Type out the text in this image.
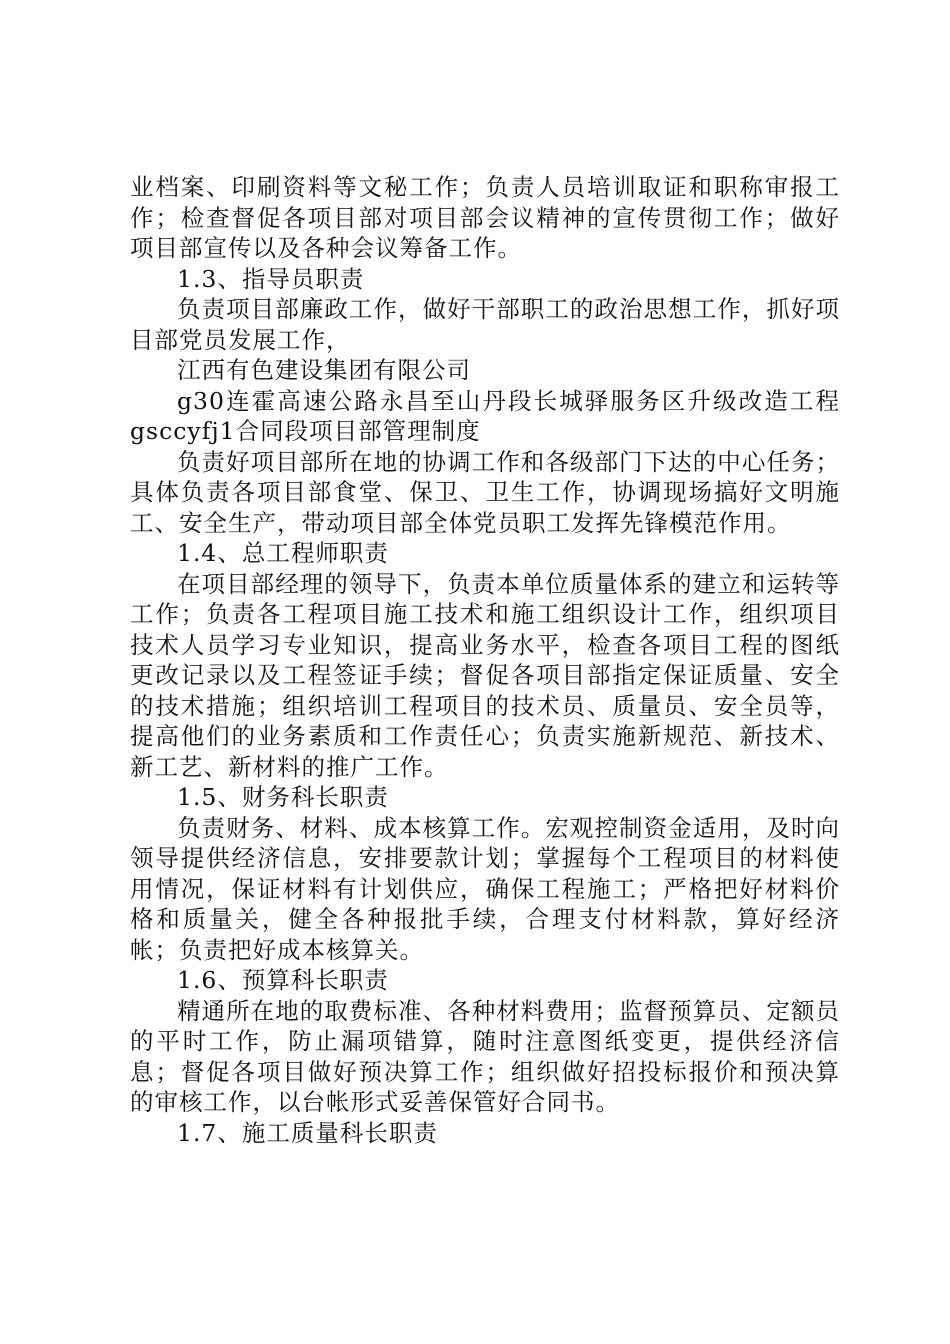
业档案、印刷资料等文秘工作；负责人员培训取证和职称审报工作；检查督促各项目部对项目部会议精神的宣传贯彻工作；做好项目部宣传以及各种会议筹备工作。

1.3、指导员职责

负责项目部廉政工作，做好干部职工的政治思想工作，抓好项目部党员发展工作，

江西有色建设集团有限公司

g30连霍高速公路永昌至山丹段长城驿服务区升级改造工程gsccyfj1合同段项目部管理制度

负责好项目部所在地的协调工作和各级部门下达的中心任务；具体负责各项目部食堂、保卫、卫生工作，协调现场搞好文明施工、安全生产，带动项目部全体党员职工发挥先锋模范作用。

1.4、总工程师职责

在项目部经理的领导下，负责本单位质量体系的建立和运转等工作；负责各工程项目施工技术和施工组织设计工作，组织项目技术人员学习专业知识，提高业务水平，检查各项目工程的图纸更改记录以及工程签证手续；督促各项目部指定保证质量、安全的技术措施；组织培训工程项目的技术员、质量员、安全员等，提高他们的业务素质和工作责任心；负责实施新规范、新技术、新工艺、新材料的推广工作。

1.5、财务科长职责

负责财务、材料、成本核算工作。宏观控制资金适用，及时向领导提供经济信息，安排要款计划；掌握每个工程项目的材料使用情况，保证材料有计划供应，确保工程施工；严格把好材料价格和质量关，健全各种报批手续，合理支付材料款，算好经济帐；负责把好成本核算关。

1.6、预算科长职责

精通所在地的取费标准、各种材料费用；监督预算员、定额员的平时工作，防止漏项错算，随时注意图纸变更，提供经济信息；督促各项目做好预决算工作；组织做好招投标报价和预决算的审核工作，以台帐形式妥善保管好合同书。

1.7、施工质量科长职责
